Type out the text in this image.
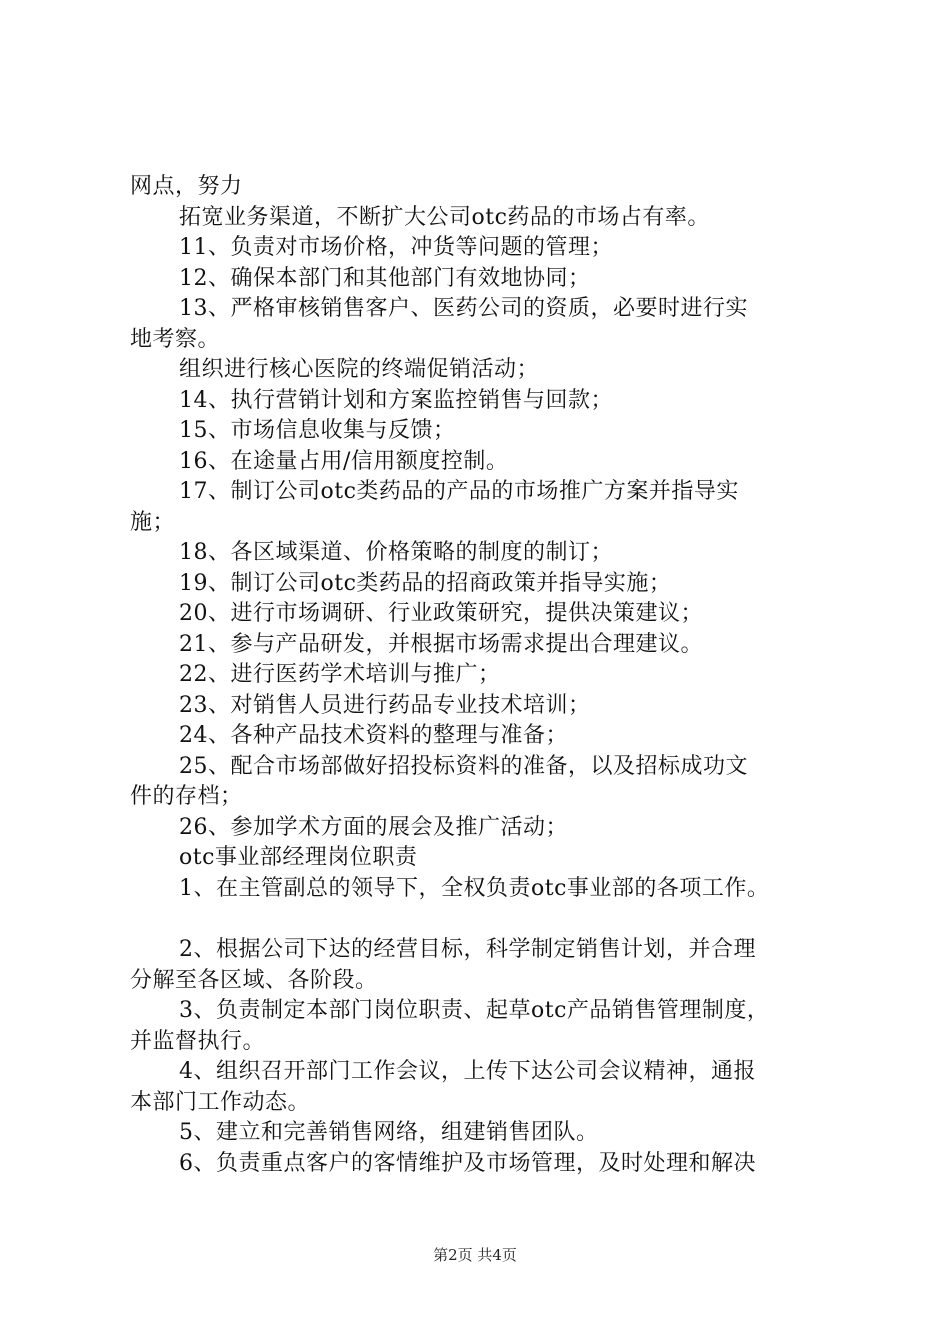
网点，努力

拓宽业务渠道，不断扩大公司otc药品的市场占有率。

11、负责对市场价格，冲货等问题的管理；

12、确保本部门和其他部门有效地协同；

13、严格审核销售客户、医药公司的资质，必要时进行实

地考察。

组织进行核心医院的终端促销活动；

14、执行营销计划和方案监控销售与回款；

15、市场信息收集与反馈；

16、在途量占用/信用额度控制。

17、制订公司otc类药品的产品的市场推广方案并指导实

施；

18、各区域渠道、价格策略的制度的制订；

19、制订公司otc类药品的招商政策并指导实施；

20、进行市场调研、行业政策研究，提供决策建议；

21、参与产品研发，并根据市场需求提出合理建议。

22、进行医药学术培训与推广；

23、对销售人员进行药品专业技术培训；

24、各种产品技术资料的整理与准备；

25、配合市场部做好招投标资料的准备，以及招标成功文

件的存档；

26、参加学术方面的展会及推广活动；

otc事业部经理岗位职责

1、在主管副总的领导下，全权负责otc事业部的各项工作。

2、根据公司下达的经营目标，科学制定销售计划，并合理

分解至各区域、各阶段。

3、负责制定本部门岗位职责、起草otc产品销售管理制度，

并监督执行。

4、组织召开部门工作会议，上传下达公司会议精神，通报

本部门工作动态。

5、建立和完善销售网络，组建销售团队。

6、负责重点客户的客情维护及市场管理，及时处理和解决

第2页 共4页
